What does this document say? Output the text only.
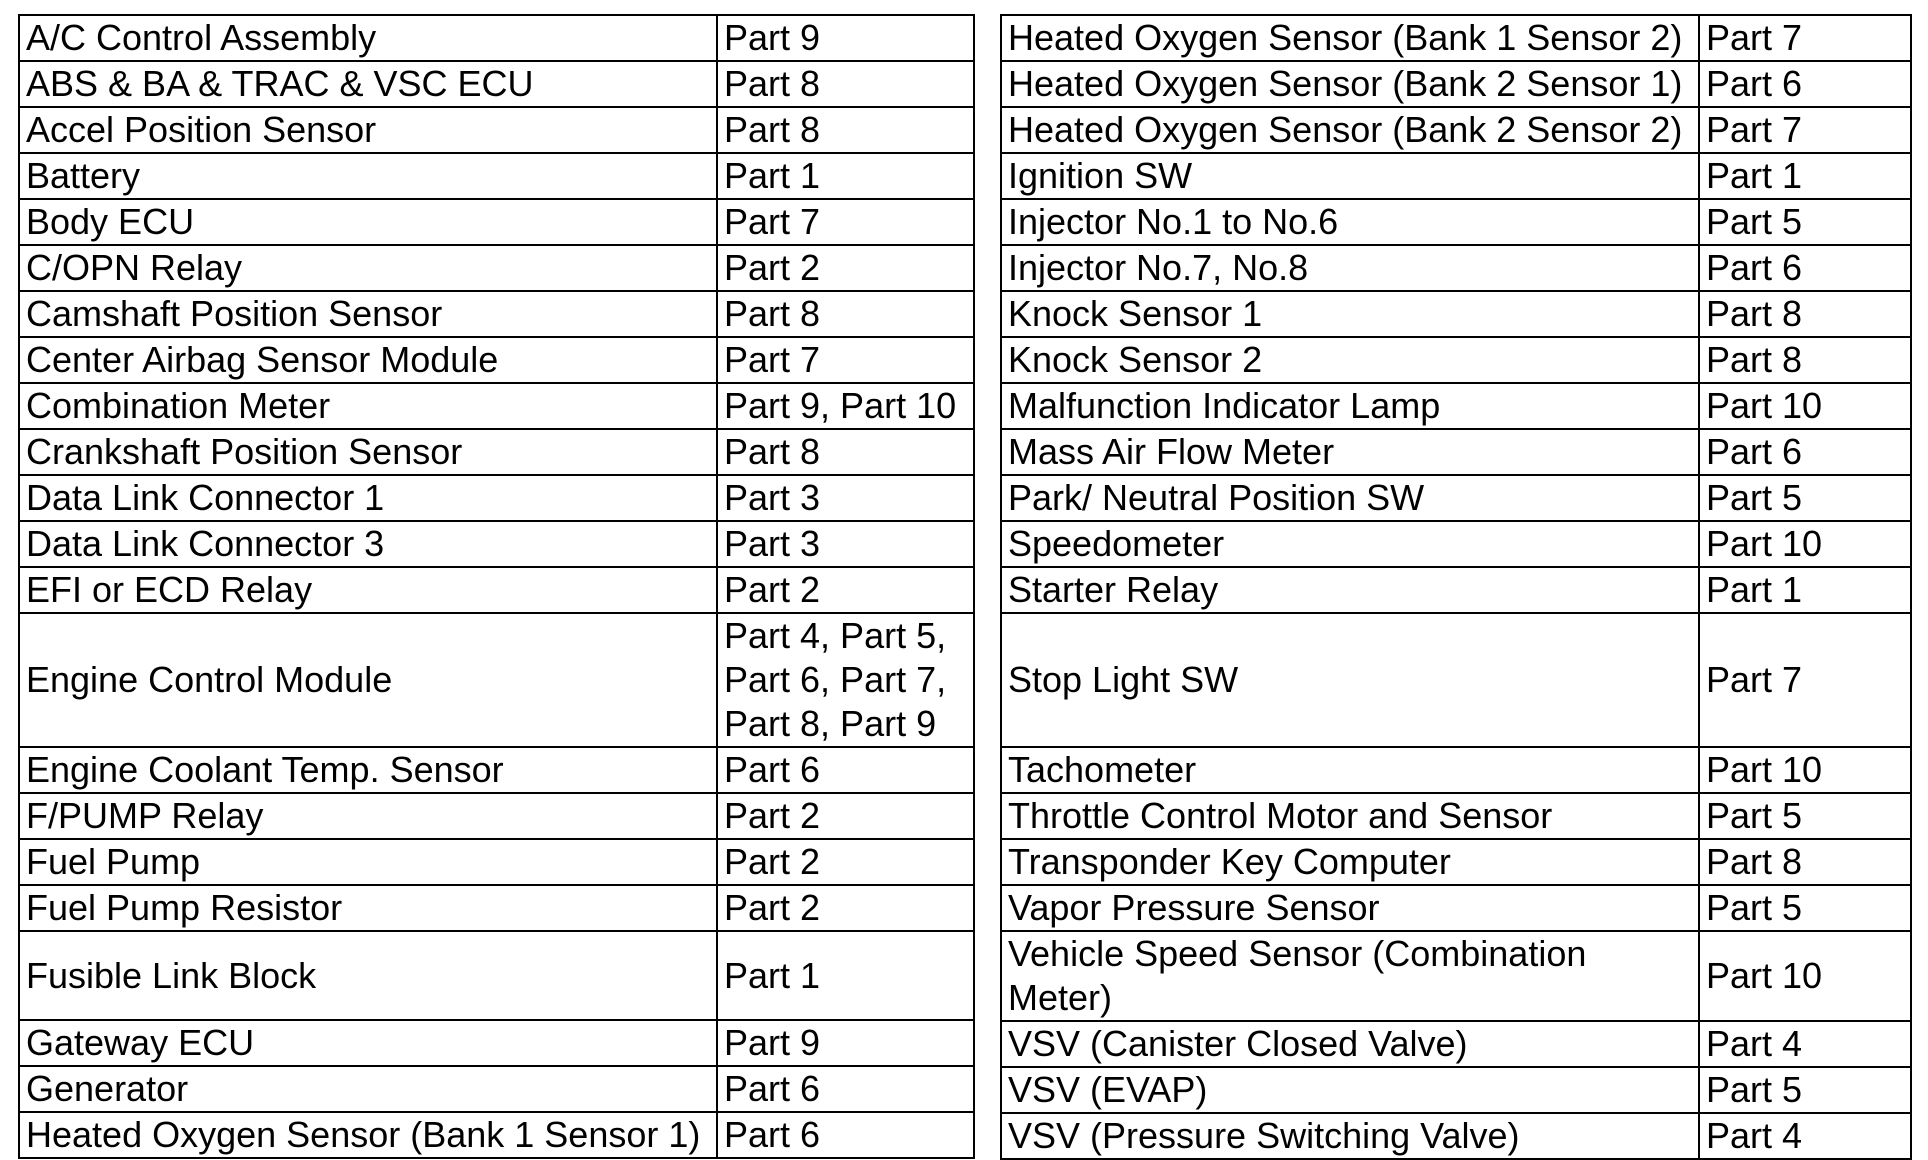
A/C Control Assembly	Part 9
ABS & BA & TRAC & VSC ECU	Part 8
Accel Position Sensor	Part 8
Battery	Part 1
Body ECU	Part 7
C/OPN Relay	Part 2
Camshaft Position Sensor	Part 8
Center Airbag Sensor Module	Part 7
Combination Meter	Part 9, Part 10
Crankshaft Position Sensor	Part 8
Data Link Connector 1	Part 3
Data Link Connector 3	Part 3
EFI or ECD Relay	Part 2
Engine Control Module	Part 4, Part 5, Part 6, Part 7, Part 8, Part 9
Engine Coolant Temp. Sensor	Part 6
F/PUMP Relay	Part 2
Fuel Pump	Part 2
Fuel Pump Resistor	Part 2
Fusible Link Block	Part 1
Gateway ECU	Part 9
Generator	Part 6
Heated Oxygen Sensor (Bank 1 Sensor 1)	Part 6
Heated Oxygen Sensor (Bank 1 Sensor 2)	Part 7
Heated Oxygen Sensor (Bank 2 Sensor 1)	Part 6
Heated Oxygen Sensor (Bank 2 Sensor 2)	Part 7
Ignition SW	Part 1
Injector No.1 to No.6	Part 5
Injector No.7, No.8	Part 6
Knock Sensor 1	Part 8
Knock Sensor 2	Part 8
Malfunction Indicator Lamp	Part 10
Mass Air Flow Meter	Part 6
Park/ Neutral Position SW	Part 5
Speedometer	Part 10
Starter Relay	Part 1
Stop Light SW	Part 7
Tachometer	Part 10
Throttle Control Motor and Sensor	Part 5
Transponder Key Computer	Part 8
Vapor Pressure Sensor	Part 5
Vehicle Speed Sensor (Combination Meter)	Part 10
VSV (Canister Closed Valve)	Part 4
VSV (EVAP)	Part 5
VSV (Pressure Switching Valve)	Part 4
